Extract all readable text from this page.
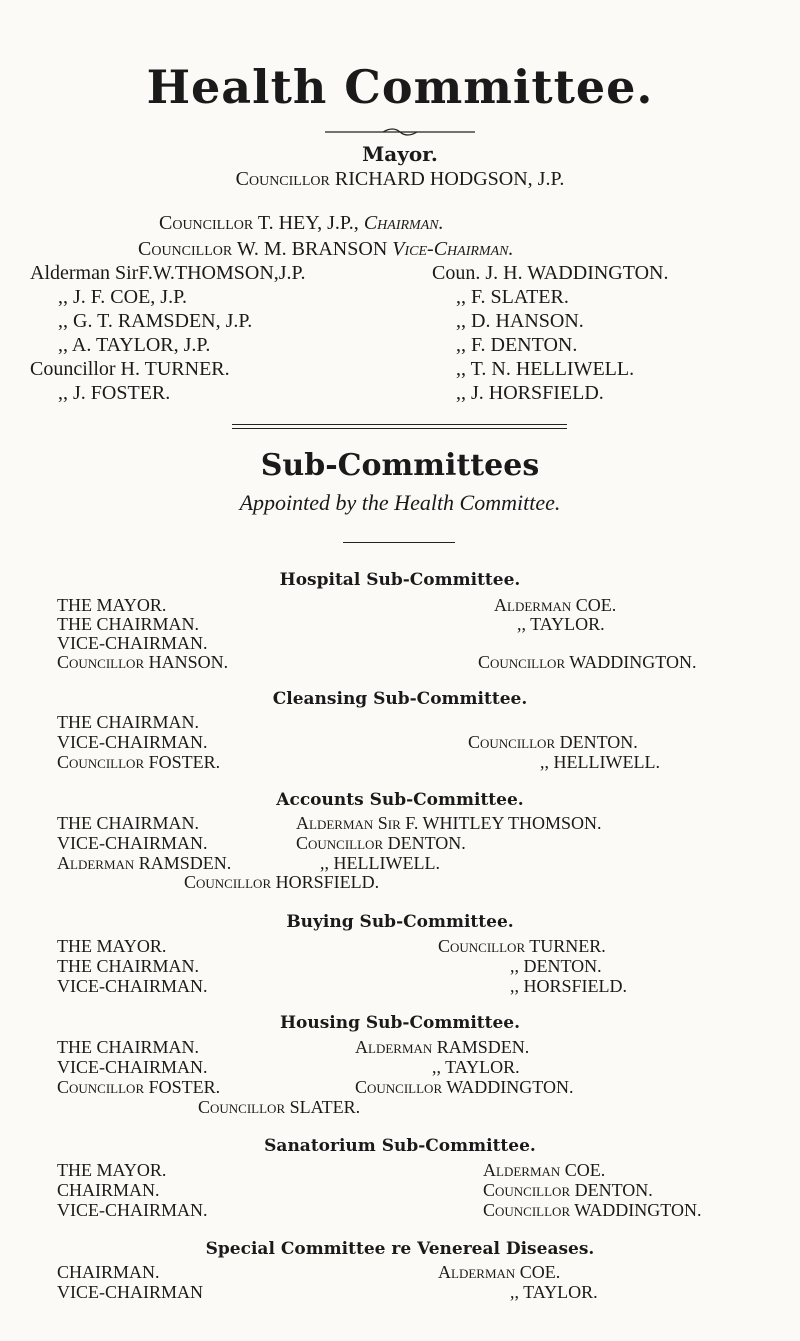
Health Committee.
Mayor.
Councillor RICHARD HODGSON, J.P.
Councillor T. HEY, J.P., Chairman.
Councillor W. M. BRANSON Vice-Chairman.
Alderman SirF.W.THOMSON,J.P.
,, J. F. COE, J.P.
,, G. T. RAMSDEN, J.P.
,, A. TAYLOR, J.P.
Councillor H. TURNER.
,, J. FOSTER.
Coun. J. H. WADDINGTON.
,, F. SLATER.
,, D. HANSON.
,, F. DENTON.
,, T. N. HELLIWELL.
,, J. HORSFIELD.
Sub-Committees
Appointed by the Health Committee.
Hospital Sub-Committee.
THE MAYOR.
THE CHAIRMAN.
VICE-CHAIRMAN.
Councillor HANSON.
Alderman COE.
,, TAYLOR.
Councillor WADDINGTON.
Cleansing Sub-Committee.
THE CHAIRMAN.
VICE-CHAIRMAN.
Councillor FOSTER.
Councillor DENTON.
,, HELLIWELL.
Accounts Sub-Committee.
THE CHAIRMAN.
VICE-CHAIRMAN.
Alderman RAMSDEN.
Alderman Sir F. WHITLEY THOMSON.
Councillor DENTON.
,, HELLIWELL.
Councillor HORSFIELD.
Buying Sub-Committee.
THE MAYOR.
THE CHAIRMAN.
VICE-CHAIRMAN.
Councillor TURNER.
,, DENTON.
,, HORSFIELD.
Housing Sub-Committee.
THE CHAIRMAN.
VICE-CHAIRMAN.
Councillor FOSTER.
Alderman RAMSDEN.
,, TAYLOR.
Councillor WADDINGTON.
Councillor SLATER.
Sanatorium Sub-Committee.
THE MAYOR.
CHAIRMAN.
VICE-CHAIRMAN.
Alderman COE.
Councillor DENTON.
Councillor WADDINGTON.
Special Committee re Venereal Diseases.
CHAIRMAN.
VICE-CHAIRMAN
Alderman COE.
,, TAYLOR.
